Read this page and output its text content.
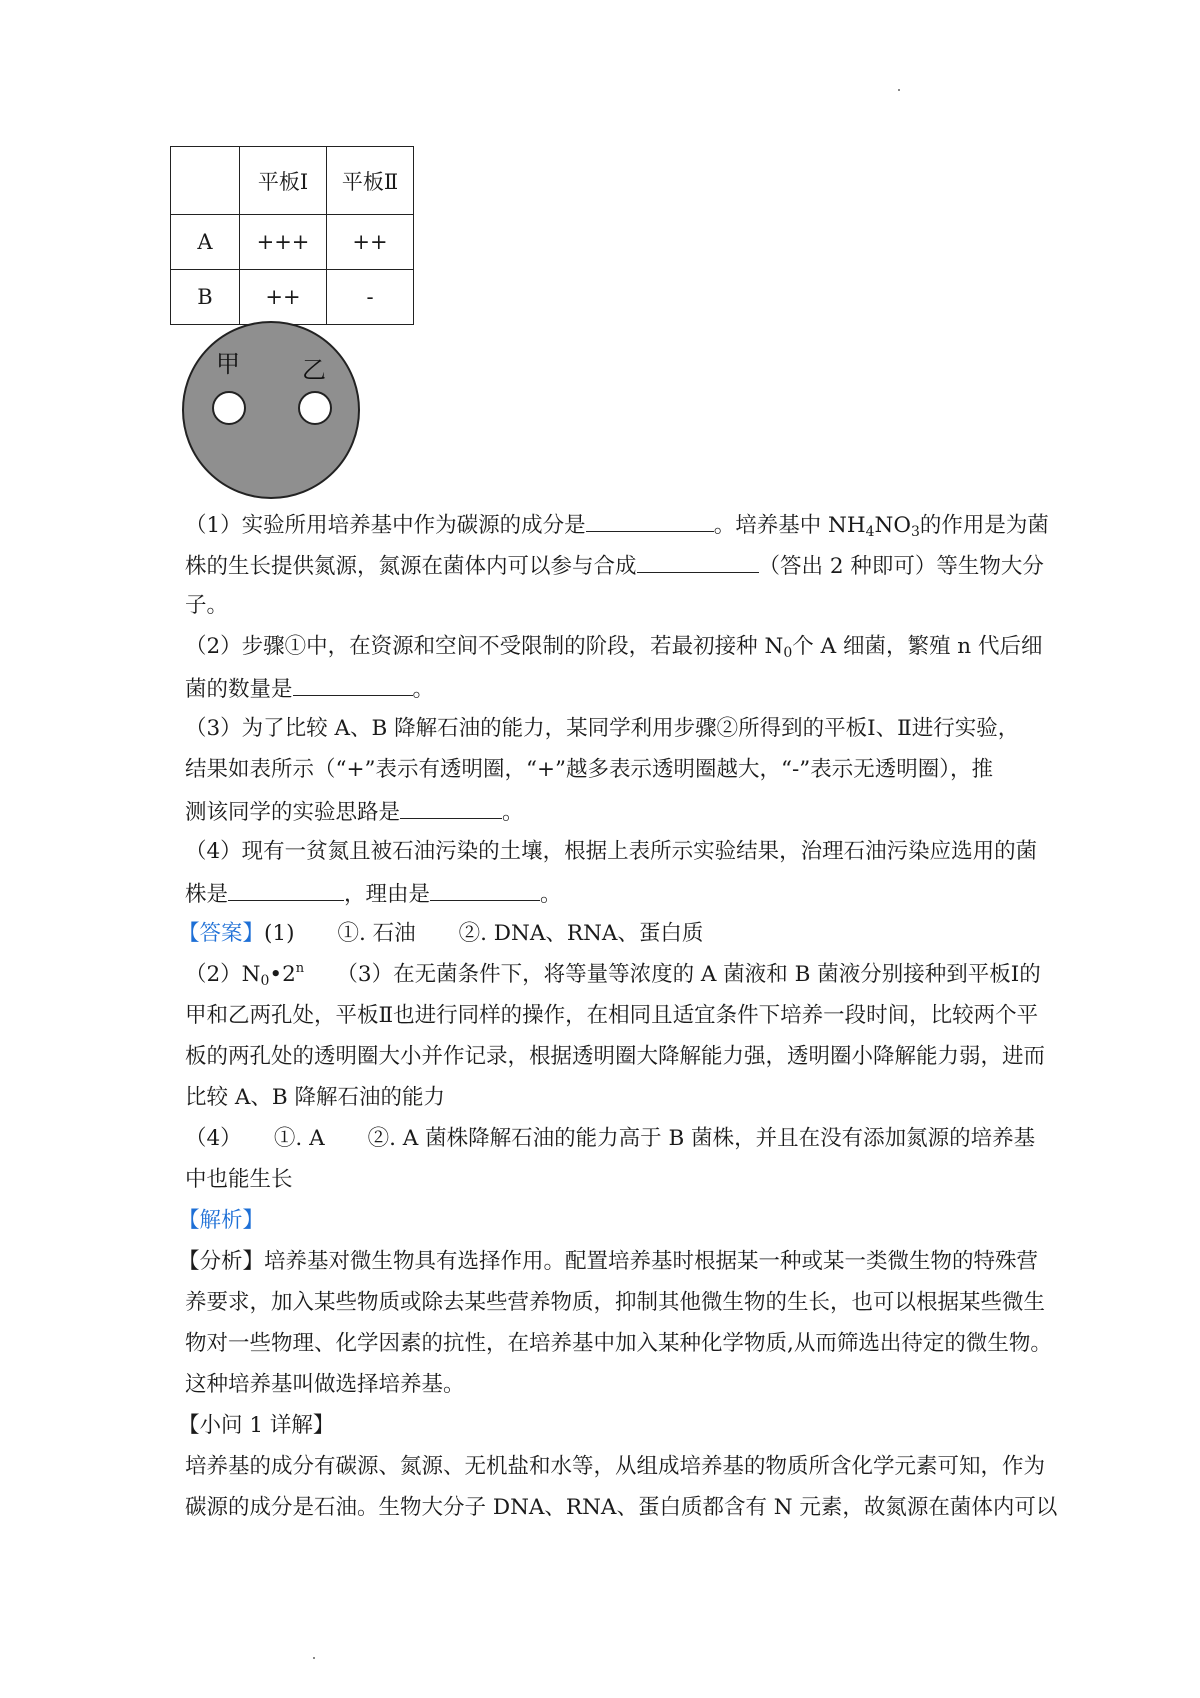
	平板Ⅰ	平板Ⅱ
A	+++	++
B	++	-
甲	乙
（1）实验所用培养基中作为碳源的成分是	。培养基中 $NH_4NO_3$的作用是为菌
株的生长提供氮源，氮源在菌体内可以参与合成	（答出 2 种即可）等生物大分
子。
（2）步骤①中，在资源和空间不受限制的阶段，若最初接种 $N_0$个 A 细菌，繁殖 n 代后细
菌的数量是	。
（3）为了比较 A、B 降解石油的能力，某同学利用步骤②所得到的平板Ⅰ、Ⅱ进行实验，
结果如表所示（“+”表示有透明圈，“+”越多表示透明圈越大，“-”表示无透明圈），推
测该同学的实验思路是	。
（4）现有一贫氮且被石油污染的土壤，根据上表所示实验结果，治理石油污染应选用的菌
株是	，理由是	。
【答案】(1)　　①. 石油　　②. DNA、RNA、蛋白质
$(2)N_0•2^n$　　（3）在无菌条件下，将等量等浓度的 A 菌液和 B 菌液分别接种到平板Ⅰ的
甲和乙两孔处，平板Ⅱ也进行同样的操作，在相同且适宜条件下培养一段时间，比较两个平
板的两孔处的透明圈大小并作记录，根据透明圈大降解能力强，透明圈小降解能力弱，进而
比较 A、B 降解石油的能力
（4）　　①. A　　②. A 菌株降解石油的能力高于 B 菌株，并且在没有添加氮源的培养基
中也能生长
【解析】
【分析】培养基对微生物具有选择作用。配置培养基时根据某一种或某一类微生物的特殊营
养要求，加入某些物质或除去某些营养物质，抑制其他微生物的生长，也可以根据某些微生
物对一些物理、化学因素的抗性，在培养基中加入某种化学物质,从而筛选出待定的微生物。
这种培养基叫做选择培养基。
【小问 1 详解】
培养基的成分有碳源、氮源、无机盐和水等，从组成培养基的物质所含化学元素可知，作为
碳源的成分是石油。生物大分子 DNA、RNA、蛋白质都含有 N 元素，故氮源在菌体内可以
